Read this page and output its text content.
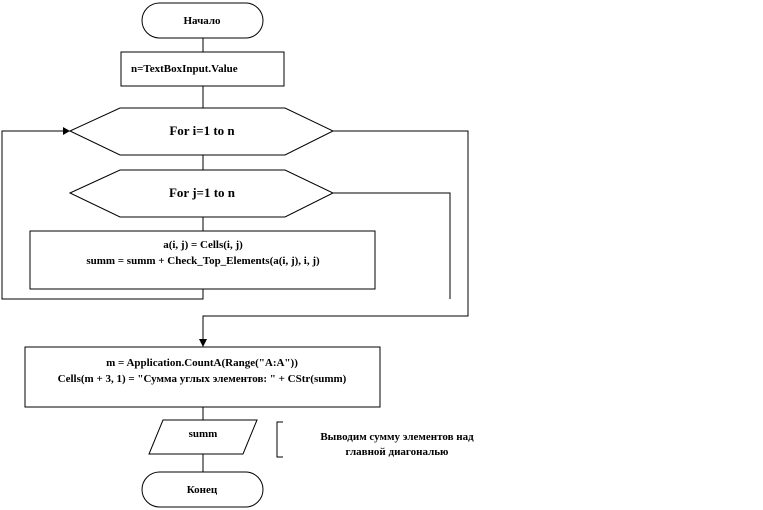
Начало
n=TextBoxInput.Value
For i=1 to n
For j=1 to n
a(i, j) = Cells(i, j)
summ = summ + Check_Top_Elements(a(i, j), i, j)
m = Application.CountA(Range("A:A"))
Cells(m + 3, 1) = "Сумма углых элементов: " + CStr(summ)
summ	Выводим сумму элементов над
главной диагональю
Конец
